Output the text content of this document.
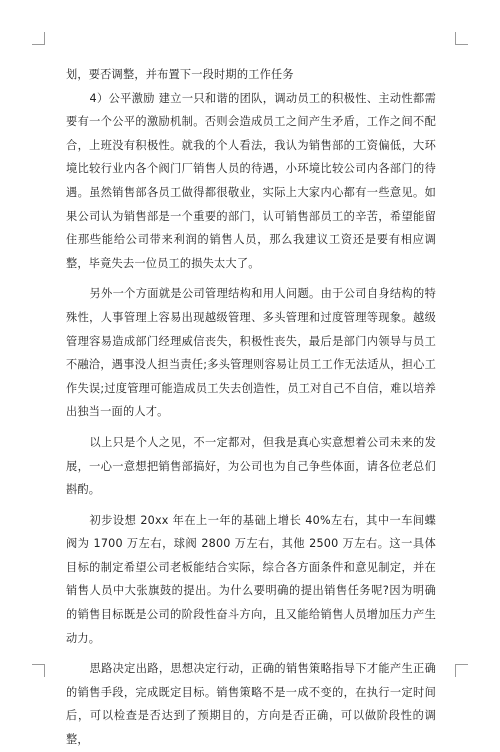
划，要否调整，并布置下一段时期的工作任务

4）公平激励 建立一只和谐的团队，调动员工的积极性、主动性都需要有一个公平的激励机制。否则会造成员工之间产生矛盾，工作之间不配合，上班没有积极性。就我的个人看法，我认为销售部的工资偏低，大环境比较行业内各个阀门厂销售人员的待遇，小环境比较公司内各部门的待遇。虽然销售部各员工做得都很敬业，实际上大家内心都有一些意见。如果公司认为销售部是一个重要的部门，认可销售部员工的辛苦，希望能留住那些能给公司带来利润的销售人员，那么我建议工资还是要有相应调整，毕竟失去一位员工的损失太大了。

另外一个方面就是公司管理结构和用人问题。由于公司自身结构的特殊性，人事管理上容易出现越级管理、多头管理和过度管理等现象。越级管理容易造成部门经理威信丧失，积极性丧失，最后是部门内领导与员工不融洽，遇事没人担当责任;多头管理则容易让员工工作无法适从，担心工作失误;过度管理可能造成员工失去创造性，员工对自己不自信，难以培养出独当一面的人才。

以上只是个人之见，不一定都对，但我是真心实意想着公司未来的发展，一心一意想把销售部搞好，为公司也为自己争些体面，请各位老总们斟酌。

初步设想 20xx 年在上一年的基础上增长 40%左右，其中一车间蝶阀为 1700 万左右，球阀 2800 万左右，其他 2500 万左右。这一具体目标的制定希望公司老板能结合实际，综合各方面条件和意见制定，并在销售人员中大张旗鼓的提出。为什么要明确的提出销售任务呢?因为明确的销售目标既是公司的阶段性奋斗方向，且又能给销售人员增加压力产生动力。

思路决定出路，思想决定行动，正确的销售策略指导下才能产生正确的销售手段，完成既定目标。销售策略不是一成不变的，在执行一定时间后，可以检查是否达到了预期目的，方向是否正确，可以做阶段性的调整，
